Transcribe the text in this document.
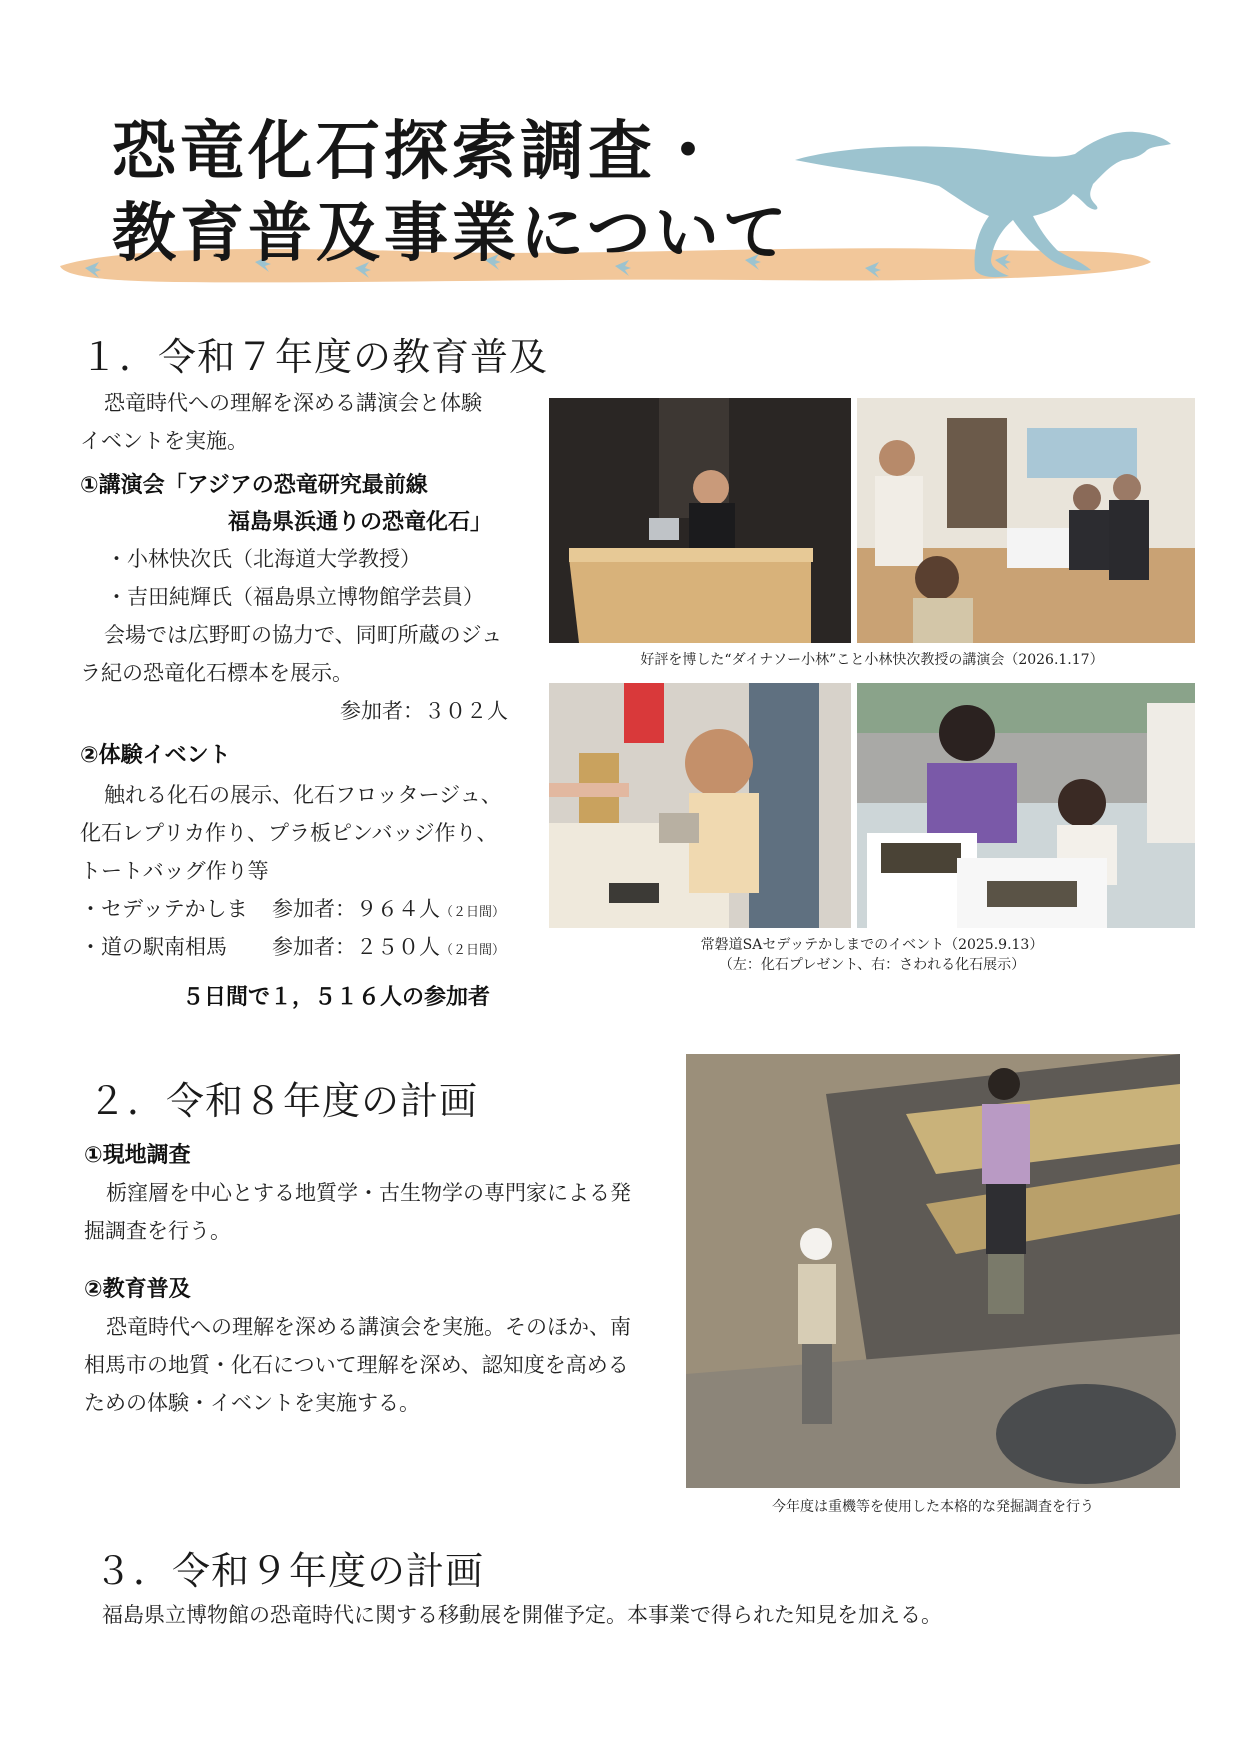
恐竜化石探索調査・
教育普及事業について
１．令和７年度の教育普及
恐竜時代への理解を深める講演会と体験
イベントを実施。
①講演会「アジアの恐竜研究最前線
福島県浜通りの恐竜化石」
・小林快次氏（北海道大学教授）
・吉田純輝氏（福島県立博物館学芸員）
会場では広野町の協力で、同町所蔵のジュ
ラ紀の恐竜化石標本を展示。
参加者：３０２人
②体験イベント
触れる化石の展示、化石フロッタージュ、
化石レプリカ作り、プラ板ピンバッジ作り、
トートバッグ作り等
・セデッテかしま 参加者：９６４人（２日間）
・道の駅南相馬 参加者：２５０人（２日間）
５日間で１，５１６人の参加者
好評を博した“ダイナソー小林”こと小林快次教授の講演会（2026.1.17）
常磐道SAセデッテかしまでのイベント（2025.9.13）
（左：化石プレゼント、右：さわれる化石展示）
２．令和８年度の計画
①現地調査
栃窪層を中心とする地質学・古生物学の専門家による発
掘調査を行う。
②教育普及
恐竜時代への理解を深める講演会を実施。そのほか、南
相馬市の地質・化石について理解を深め、認知度を高める
ための体験・イベントを実施する。
今年度は重機等を使用した本格的な発掘調査を行う
３．令和９年度の計画
福島県立博物館の恐竜時代に関する移動展を開催予定。本事業で得られた知見を加える。
